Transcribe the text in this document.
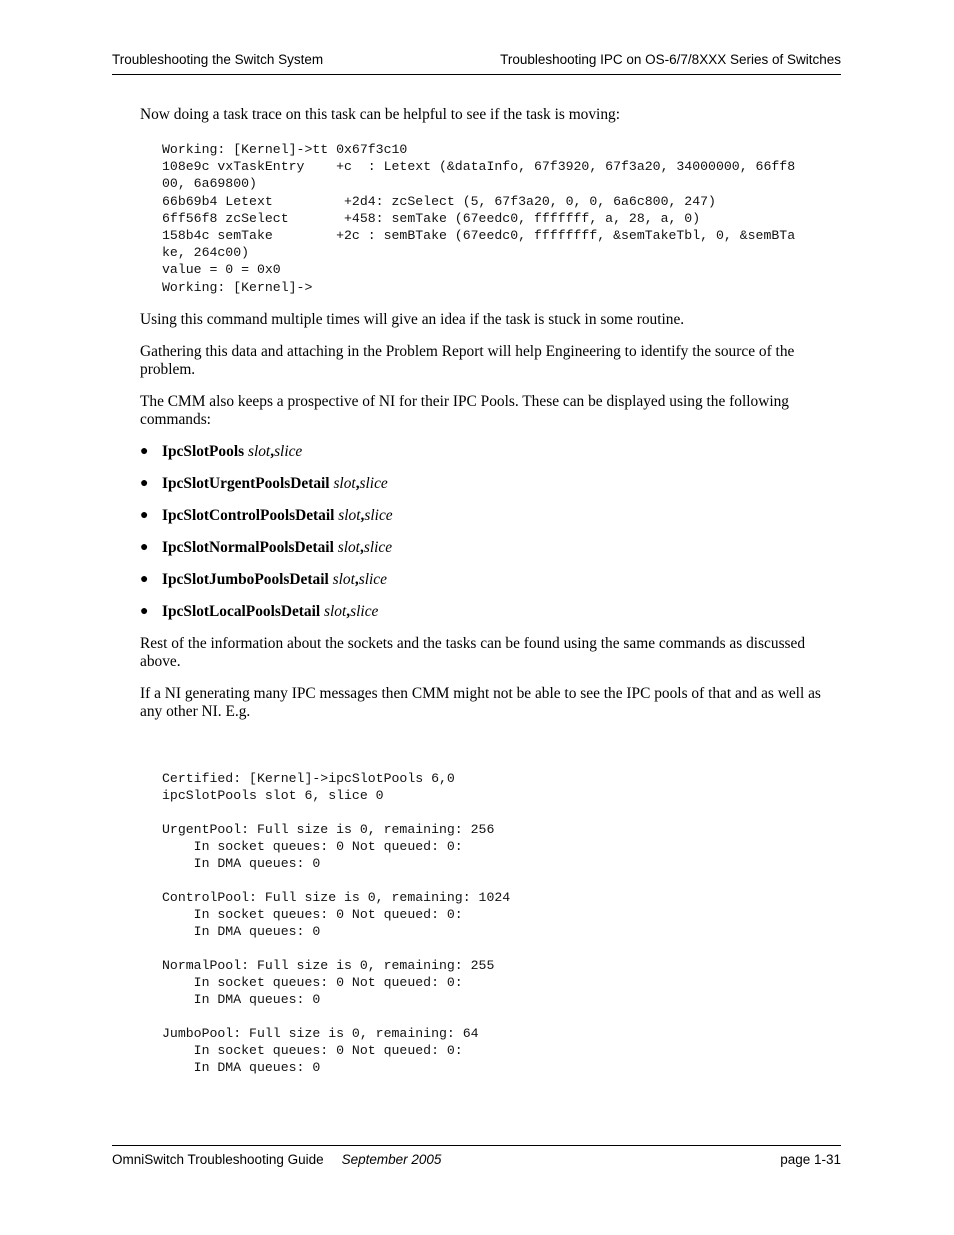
Troubleshooting the Switch System	Troubleshooting IPC on OS-6/7/8XXX Series of Switches

Now doing a task trace on this task can be helpful to see if the task is moving:

Working: [Kernel]->tt 0x67f3c10
108e9c vxTaskEntry    +c  : Letext (&dataInfo, 67f3920, 67f3a20, 34000000, 66ff8
00, 6a69800)
66b69b4 Letext         +2d4: zcSelect (5, 67f3a20, 0, 0, 6a6c800, 247)
6ff56f8 zcSelect       +458: semTake (67eedc0, fffffff, a, 28, a, 0)
158b4c semTake        +2c : semBTake (67eedc0, ffffffff, &semTakeTbl, 0, &semBTa
ke, 264c00)
value = 0 = 0x0
Working: [Kernel]->

Using this command multiple times will give an idea if the task is stuck in some routine.

Gathering this data and attaching in the Problem Report will help Engineering to identify the source of the problem.

The CMM also keeps a prospective of NI for their IPC Pools. These can be displayed using the following commands:

● IpcSlotPools slot,slice
● IpcSlotUrgentPoolsDetail slot,slice
● IpcSlotControlPoolsDetail slot,slice
● IpcSlotNormalPoolsDetail slot,slice
● IpcSlotJumboPoolsDetail slot,slice
● IpcSlotLocalPoolsDetail slot,slice

Rest of the information about the sockets and the tasks can be found using the same commands as discussed above.

If a NI generating many IPC messages then CMM might not be able to see the IPC pools of that and as well as any other NI. E.g.

Certified: [Kernel]->ipcSlotPools 6,0
ipcSlotPools slot 6, slice 0

UrgentPool: Full size is 0, remaining: 256
In socket queues: 0 Not queued: 0:
In DMA queues: 0

ControlPool: Full size is 0, remaining: 1024
In socket queues: 0 Not queued: 0:
In DMA queues: 0

NormalPool: Full size is 0, remaining: 255
In socket queues: 0 Not queued: 0:
In DMA queues: 0

JumboPool: Full size is 0, remaining: 64
In socket queues: 0 Not queued: 0:
In DMA queues: 0
OmniSwitch Troubleshooting Guide September 2005	page 1-31
